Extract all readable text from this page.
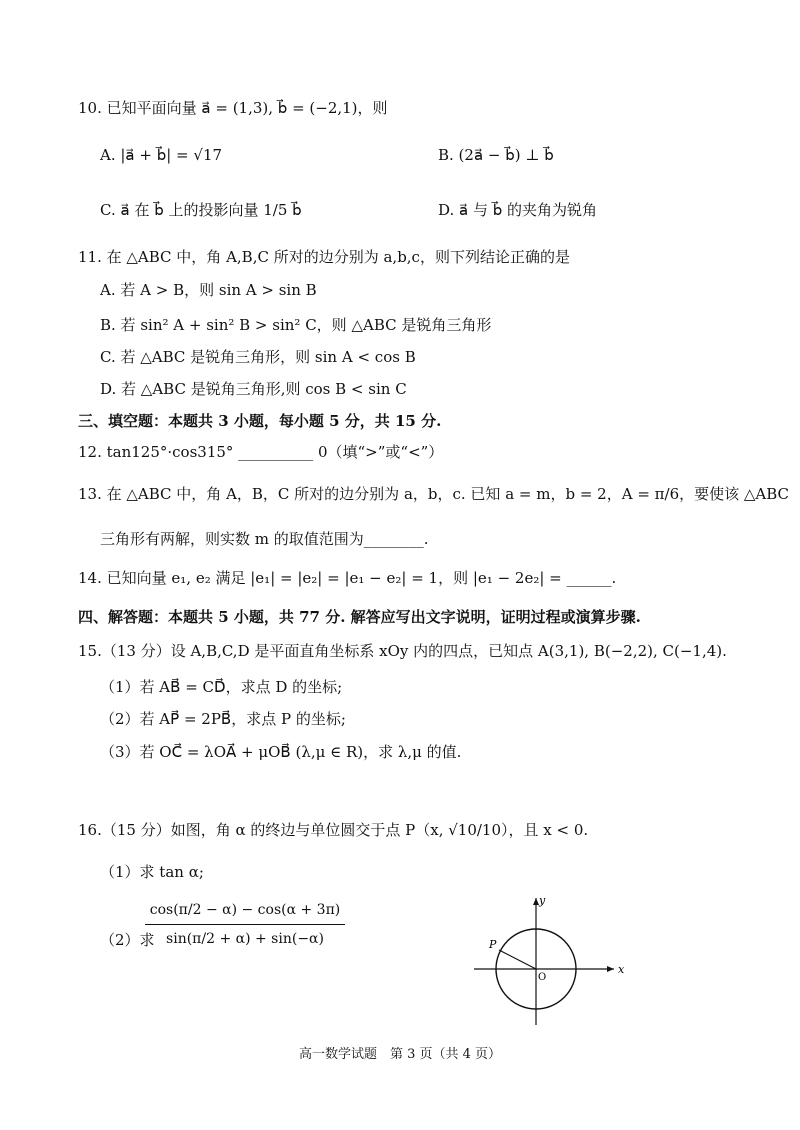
10. 已知平面向量 a⃗ = (1,3), b⃗ = (−2,1)，则
A. |a⃗ + b⃗| = √17	B. (2a⃗ − b⃗) ⊥ b⃗
C. a⃗ 在 b⃗ 上的投影向量 1/5 b⃗	D. a⃗ 与 b⃗ 的夹角为锐角
11. 在 △ABC 中，角 A,B,C 所对的边分别为 a,b,c，则下列结论正确的是
A. 若 A > B，则 sin A > sin B
B. 若 sin² A + sin² B > sin² C，则 △ABC 是锐角三角形
C. 若 △ABC 是锐角三角形，则 sin A < cos B
D. 若 △ABC 是锐角三角形,则 cos B < sin C
三、填空题：本题共 3 小题，每小题 5 分，共 15 分.
12. tan125°·cos315° __________ 0（填“>”或“<”）
13. 在 △ABC 中，角 A，B，C 所对的边分别为 a，b，c. 已知 a = m，b = 2，A = π/6，要使该 △ABC
三角形有两解，则实数 m 的取值范围为________.
14. 已知向量 e₁, e₂ 满足 |e₁| = |e₂| = |e₁ − e₂| = 1，则 |e₁ − 2e₂| = ______.
四、解答题：本题共 5 小题，共 77 分. 解答应写出文字说明，证明过程或演算步骤.
15.（13 分）设 A,B,C,D 是平面直角坐标系 xOy 内的四点，已知点 A(3,1), B(−2,2), C(−1,4).
（1）若 AB⃗ = CD⃗，求点 D 的坐标;
（2）若 AP⃗ = 2PB⃗，求点 P 的坐标;
（3）若 OC⃗ = λOA⃗ + μOB⃗ (λ,μ ∈ R)，求 λ,μ 的值.
16.（15 分）如图，角 α 的终边与单位圆交于点 P（x, √10/10），且 x < 0.
（1）求 tan α;
（2）求
cos(π/2 − α) − cos(α + 3π)
sin(π/2 + α) + sin(−α)
y
x
P
O
高一数学试题　第 3 页（共 4 页）
